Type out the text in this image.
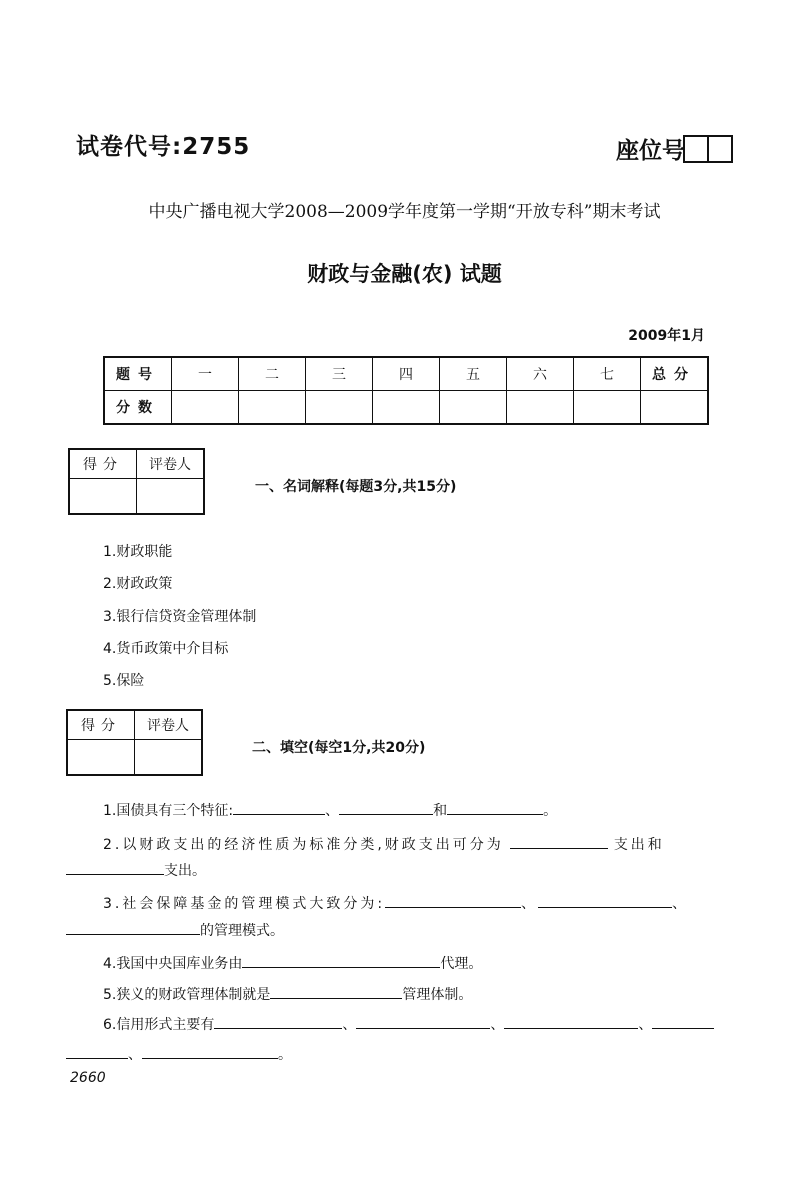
试卷代号:2755	座位号
中央广播电视大学2008—2009学年度第一学期“开放专科”期末考试
财政与金融(农) 试题
2009年1月
题号	一	二	三	四	五	六	七	总分
分数								
得分	评卷人

一、名词解释(每题3分,共15分)
1.财政职能
2.财政政策
3.银行信贷资金管理体制
4.货币政策中介目标
5.保险
得分	评卷人

二、填空(每空1分,共20分)
1.国债具有三个特征:	、	和	。
2.以财政支出的经济性质为标准分类,财政支出可分为	支出和
支出。
3.社会保障基金的管理模式大致分为:	、	、
的管理模式。
4.我国中央国库业务由	代理。
5.狭义的财政管理体制就是	管理体制。
6.信用形式主要有	、	、	、
、	。
2660
